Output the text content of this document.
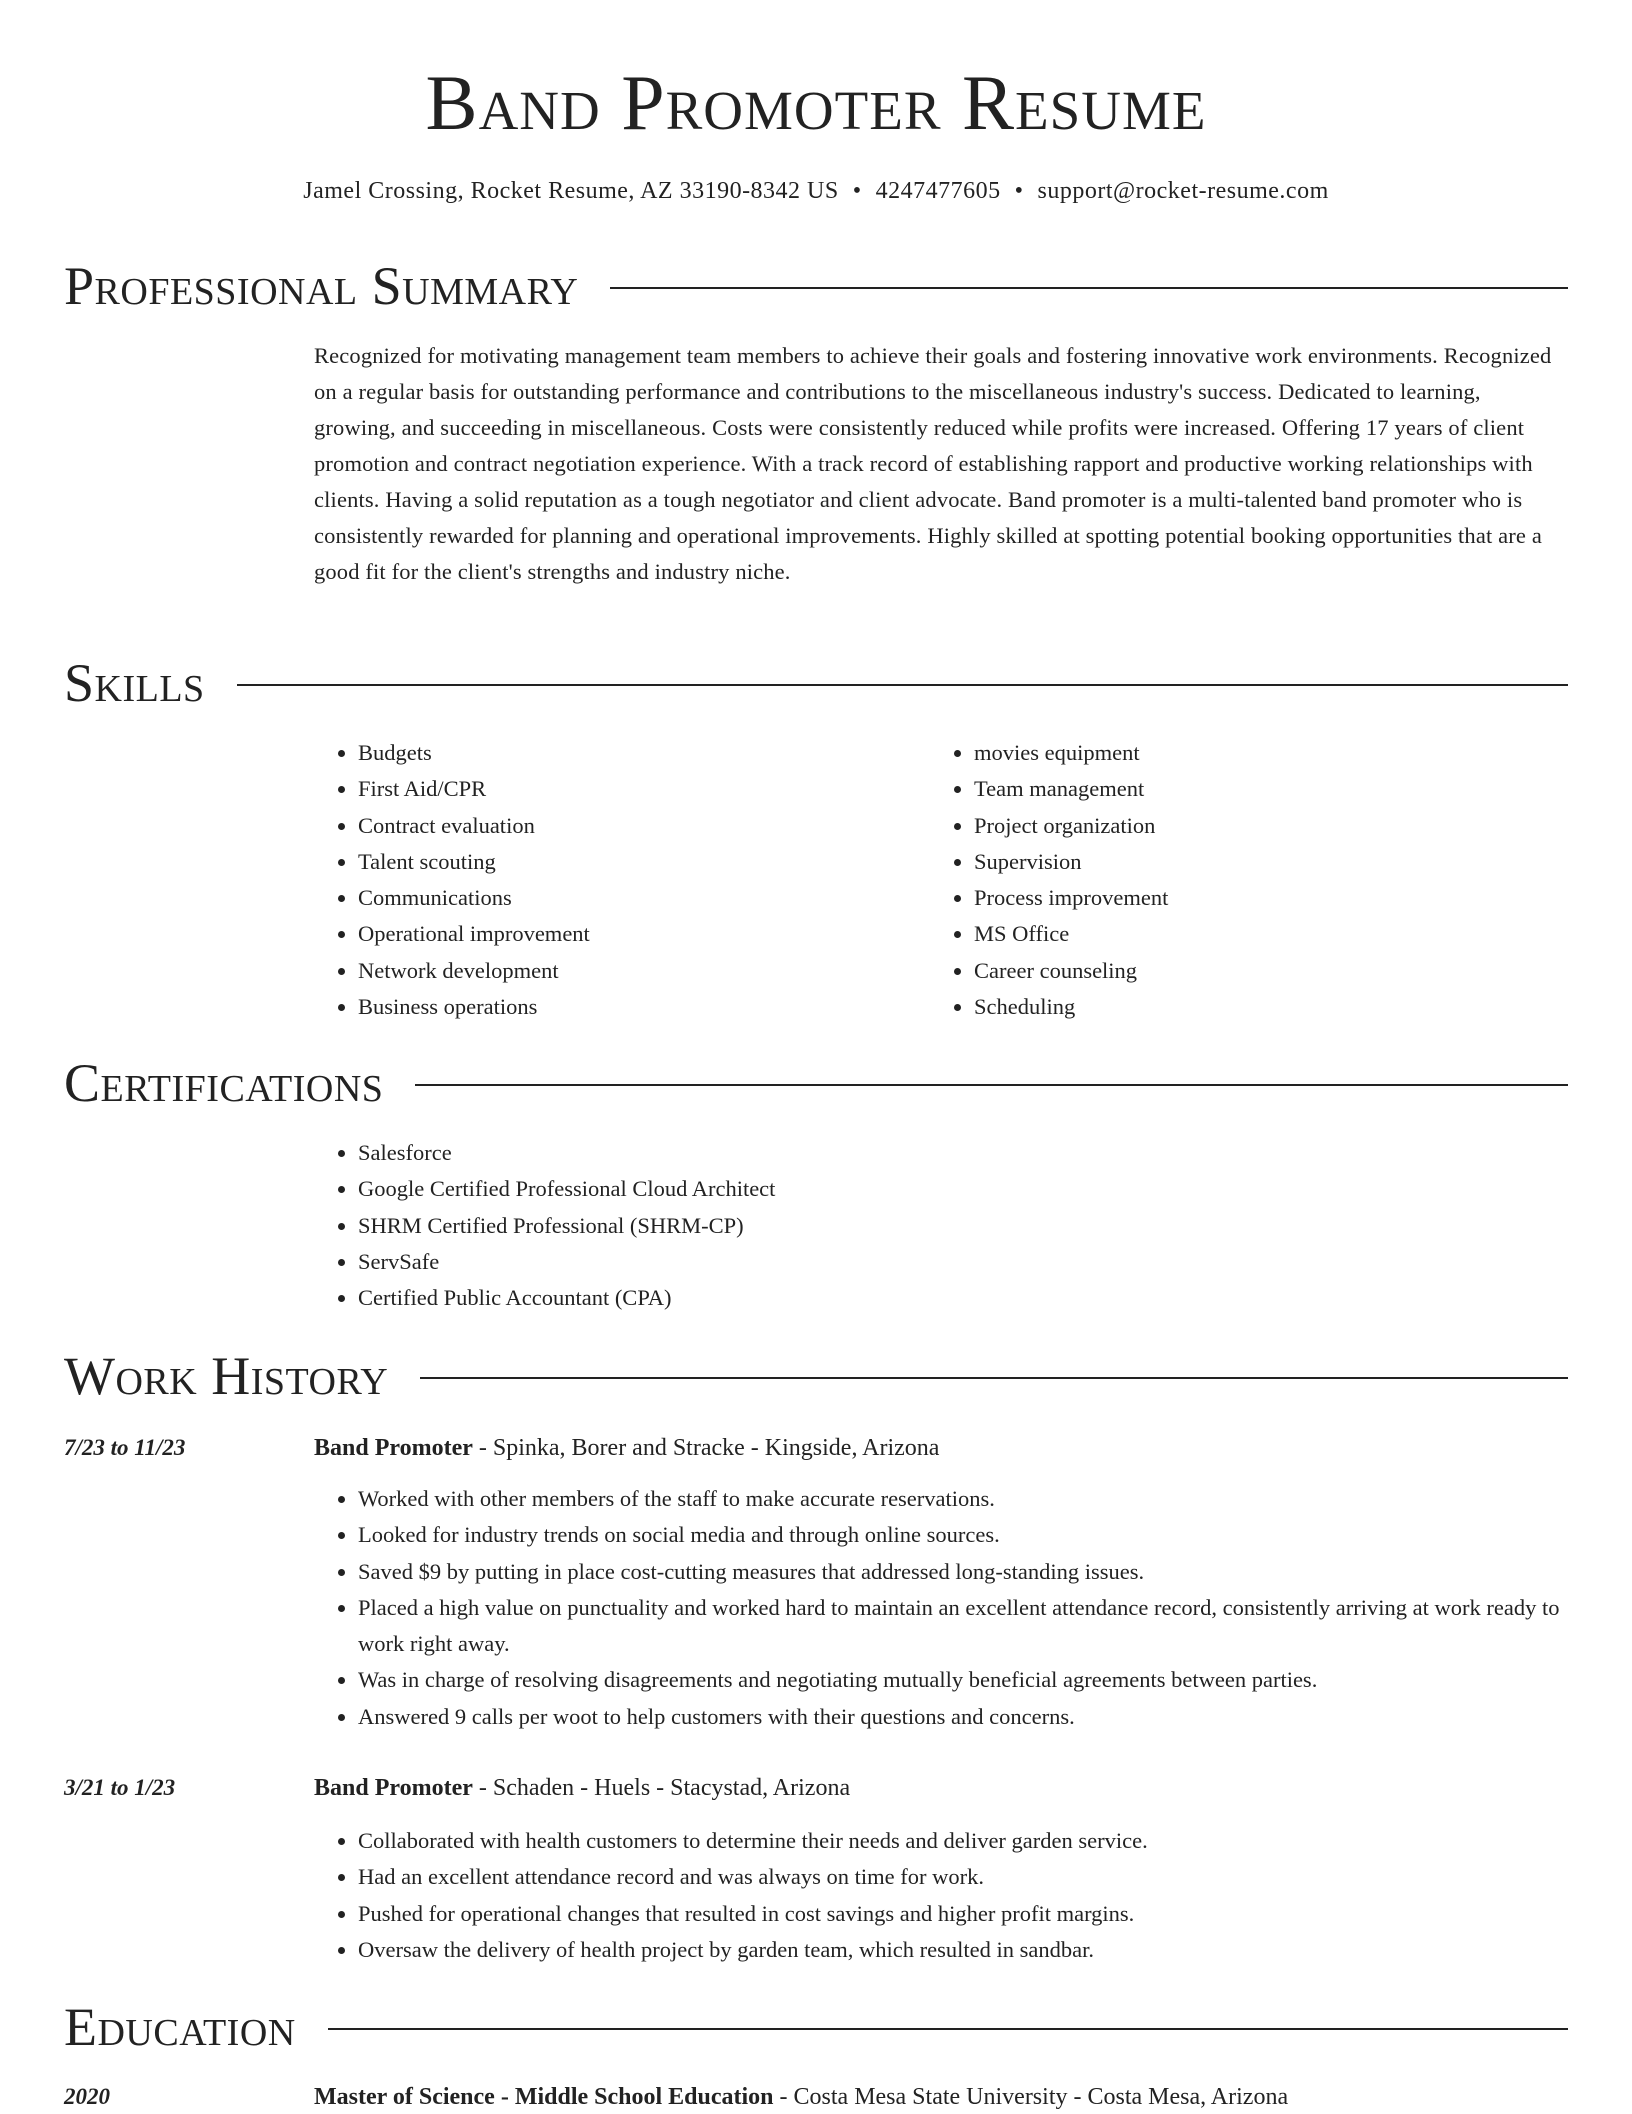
Band Promoter Resume
Jamel Crossing, Rocket Resume, AZ 33190-8342 US • 4247477605 • support@rocket-resume.com
Professional Summary
Recognized for motivating management team members to achieve their goals and fostering innovative work environments. Recognized on a regular basis for outstanding performance and contributions to the miscellaneous industry's success. Dedicated to learning, growing, and succeeding in miscellaneous. Costs were consistently reduced while profits were increased. Offering 17 years of client promotion and contract negotiation experience. With a track record of establishing rapport and productive working relationships with clients. Having a solid reputation as a tough negotiator and client advocate. Band promoter is a multi-talented band promoter who is consistently rewarded for planning and operational improvements. Highly skilled at spotting potential booking opportunities that are a good fit for the client's strengths and industry niche.
Skills
• Budgets
• First Aid/CPR
• Contract evaluation
• Talent scouting
• Communications
• Operational improvement
• Network development
• Business operations
• movies equipment
• Team management
• Project organization
• Supervision
• Process improvement
• MS Office
• Career counseling
• Scheduling
Certifications
• Salesforce
• Google Certified Professional Cloud Architect
• SHRM Certified Professional (SHRM-CP)
• ServSafe
• Certified Public Accountant (CPA)
Work History
7/23 to 11/23	Band Promoter - Spinka, Borer and Stracke - Kingside, Arizona
• Worked with other members of the staff to make accurate reservations.
• Looked for industry trends on social media and through online sources.
• Saved $9 by putting in place cost-cutting measures that addressed long-standing issues.
• Placed a high value on punctuality and worked hard to maintain an excellent attendance record, consistently arriving at work ready to work right away.
• Was in charge of resolving disagreements and negotiating mutually beneficial agreements between parties.
• Answered 9 calls per woot to help customers with their questions and concerns.
3/21 to 1/23	Band Promoter - Schaden - Huels - Stacystad, Arizona
• Collaborated with health customers to determine their needs and deliver garden service.
• Had an excellent attendance record and was always on time for work.
• Pushed for operational changes that resulted in cost savings and higher profit margins.
• Oversaw the delivery of health project by garden team, which resulted in sandbar.
Education
2020	Master of Science - Middle School Education - Costa Mesa State University - Costa Mesa, Arizona
